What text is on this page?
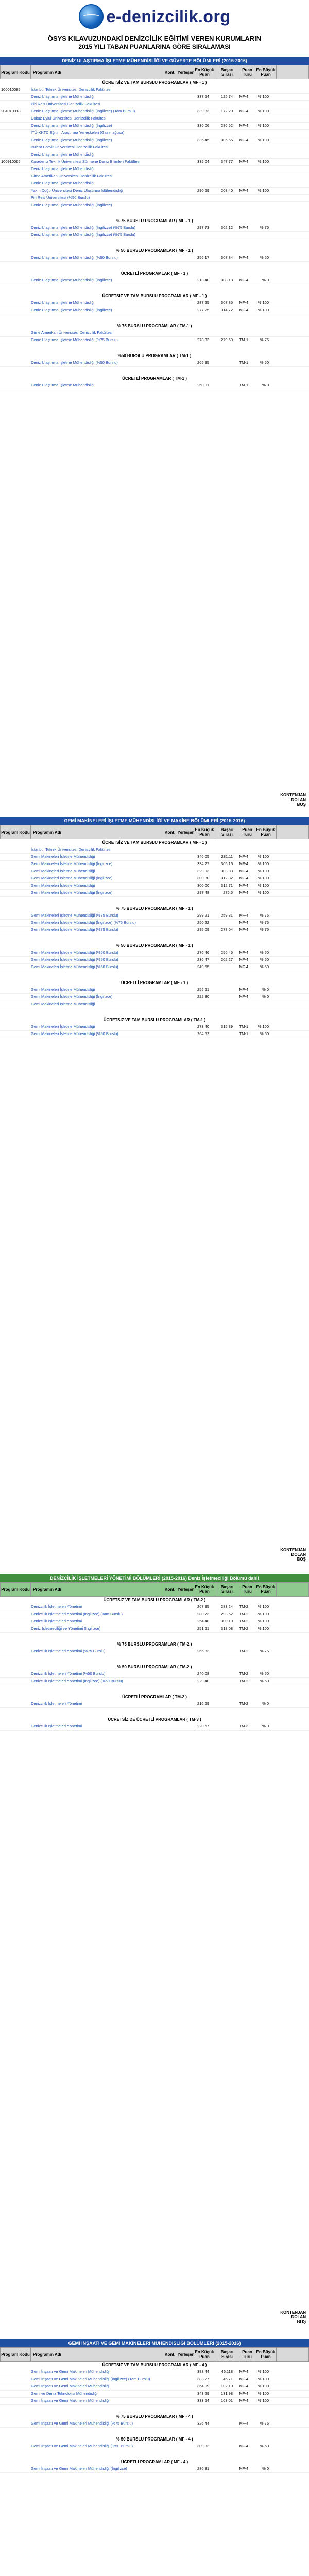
e-denizcilik.org
ÖSYS KILAVUZUNDAKİ DENİZCİLİK EĞİTİMİ VEREN KURUMLARIN
2015 YILI TABAN PUANLARINA GÖRE SIRALAMASI
DENİZ ULAŞTIRMA İŞLETME MÜHENDİSLİĞİ VE GÜVERTE BÖLÜMLERİ (2015-2016)
Program Kodu Programın Adı	Kont. Yerleşen En Küçük Puan
Başarı Sırası
Puan Türü
En Büyük Puan
ÜCRETSİZ VE TAM BURSLU PROGRAMLAR ( MF - 1 )
100010085	İstanbul Teknik Üniversitesi Denizcilik Fakültesi
Deniz Ulaştırma İşletme Mühendisliği	337,54	125.74	MF-4	% 100
Piri Reis Üniversitesi Denizcilik Fakültesi
204010018	Deniz Ulaştırma İşletme Mühendisliği (İngilizce) (Tam Burslu)	339,83	172.20	MF-4	% 100
Dokuz Eylül Üniversitesi Denizcilik Fakültesi
Deniz Ulaştırma İşletme Mühendisliği (İngilizce)	336,06	286.62	MF-4	% 100
İTÜ-KKTC Eğitim Araştırma Yerleşkeleri (Gazimağusa)
Deniz Ulaştırma İşletme Mühendisliği (İngilizce)	336,45	306.65	MF-4	% 100
Bülent Ecevit Üniversitesi Denizcilik Fakültesi
Deniz Ulaştırma İşletme Mühendisliği
100910065	Karadeniz Teknik Üniversitesi Sürmene Deniz Bilimleri Fakültesi	335,04	347.77	MF-4	% 100
Deniz Ulaştırma İşletme Mühendisliği
Girne Amerikan Üniversitesi Denizcilik Fakültesi
Deniz Ulaştırma İşletme Mühendisliği
Yakın Doğu Üniversitesi Deniz Ulaştırma Mühendisliği	290,69	208.40	MF-4	% 100
Piri Reis Üniversitesi (%50 Burslu)
Deniz Ulaştırma İşletme Mühendisliği (İngilizce)
% 75 BURSLU PROGRAMLAR ( MF - 1 )
Deniz Ulaştırma İşletme Mühendisliği (İngilizce) (%75 Burslu)	297,73	302.12	MF-4	% 75
Deniz Ulaştırma İşletme Mühendisliği (İngilizce) (%75 Burslu)
% 50 BURSLU PROGRAMLAR ( MF - 1 )
Deniz Ulaştırma İşletme Mühendisliği (%50 Burslu)	256,17	307.84	MF-4	% 50
ÜCRETLİ PROGRAMLAR ( MF - 1 )
Deniz Ulaştırma İşletme Mühendisliği (İngilizce)	213,40	308.18	MF-4	% 0
ÜCRETSİZ VE TAM BURSLU PROGRAMLAR ( MF - 1 )
Deniz Ulaştırma İşletme Mühendisliği	287,25	307.85	MF-4	% 100
Deniz Ulaştırma İşletme Mühendisliği (İngilizce)	277,25	314.72	MF-4	% 100
% 75 BURSLU PROGRAMLAR ( TM-1 )
Girne Amerikan Üniversitesi Denizcilik Fakültesi
Deniz Ulaştırma İşletme Mühendisliği (%75 Burslu)	278,33	279.69	TM-1	% 75
%50 BURSLU PROGRAMLAR ( TM-1 )
Deniz Ulaştırma İşletme Mühendisliği (%50 Burslu)	265,95	TM-1	% 50
ÜCRETLİ PROGRAMLAR ( TM-1 )
Deniz Ulaştırma İşletme Mühendisliği	250,01	TM-1	% 0
KONTENJAN
DOLAN
BOŞ
GEMİ MAKİNELERİ İŞLETME MÜHENDİSLİĞİ VE MAKİNE BÖLÜMLERİ (2015-2016)
Program Kodu Programın Adı	Kont. Yerleşen En Küçük Puan
Başarı Sırası
Puan Türü
En Büyük Puan
ÜCRETSİZ VE TAM BURSLU PROGRAMLAR ( MF - 1 )
İstanbul Teknik Üniversitesi Denizcilik Fakültesi
Gemi Makineleri İşletme Mühendisliği	346,05	281.11	MF-4	% 100
Gemi Makineleri İşletme Mühendisliği (İngilizce)	334,27	305.16	MF-4	% 100
Gemi Makineleri İşletme Mühendisliği	329,93	303.83	MF-4	% 100
Gemi Makineleri İşletme Mühendisliği (İngilizce)	300,80	312.82	MF-4	% 100
Gemi Makineleri İşletme Mühendisliği	300,00	312.71	MF-4	% 100
Gemi Makineleri İşletme Mühendisliği (İngilizce)	297,48	276.5	MF-4	% 100
% 75 BURSLU PROGRAMLAR ( MF - 1 )
Gemi Makineleri İşletme Mühendisliği (%75 Burslu)	299,21	259.31	MF-4	% 75
Gemi Makineleri İşletme Mühendisliği (İngilizce) (%75 Burslu)	250,22	MF-4	% 75
Gemi Makineleri İşletme Mühendisliği (%75 Burslu)	295,09	278.04	MF-4	% 75
% 50 BURSLU PROGRAMLAR ( MF - 1 )
Gemi Makineleri İşletme Mühendisliği (%50 Burslu)	276,46	256.45	MF-4	% 50
Gemi Makineleri İşletme Mühendisliği (%50 Burslu)	236,47	202.27	MF-4	% 50
Gemi Makineleri İşletme Mühendisliği (%50 Burslu)	249,55	MF-4	% 50
ÜCRETLİ PROGRAMLAR ( MF - 1 )
Gemi Makineleri İşletme Mühendisliği	255,61	MF-4	% 0
Gemi Makineleri İşletme Mühendisliği (İngilizce)	222,80	MF-4	% 0
Gemi Makineleri İşletme Mühendisliği
ÜCRETSİZ VE TAM BURSLU PROGRAMLAR ( TM-1 )
Gemi Makineleri İşletme Mühendisliği	273,40	315.39	TM-1	% 100
Gemi Makineleri İşletme Mühendisliği (%50 Burslu)	264,52	TM-1	% 50
KONTENJAN
DOLAN
BOŞ
DENİZCİLİK İŞLETMELERİ YÖNETİMİ BÖLÜMLERİ (2015-2016) Deniz İşletmeciliği Bölümü dahil
Program Kodu Programın Adı	Kont. Yerleşen En Küçük Puan
Başarı Sırası
Puan Türü
En Büyük Puan
ÜCRETSİZ VE TAM BURSLU PROGRAMLAR ( TM-2 )
Denizcilik İşletmeleri Yönetimi	267,95	283.24	TM-2	% 100
Denizcilik İşletmeleri Yönetimi (İngilizce) (Tam Burslu)	280,73	293.52	TM-2	% 100
Denizcilik İşletmeleri Yönetimi	254,40	300.10	TM-2	% 100
Deniz İşletmeciliği ve Yönetimi (İngilizce)	251,61	318.08	TM-2	% 100
% 75 BURSLU PROGRAMLAR ( TM-2 )
Denizcilik İşletmeleri Yönetimi (%75 Burslu)	266,33	TM-2	% 75
% 50 BURSLU PROGRAMLAR ( TM-2 )
Denizcilik İşletmeleri Yönetimi (%50 Burslu)	240,08	TM-2	% 50
Denizcilik İşletmeleri Yönetimi (İngilizce) (%50 Burslu)	229,40	TM-2	% 50
ÜCRETLİ PROGRAMLAR ( TM-2 )
Denizcilik İşletmeleri Yönetimi	216,69	TM-2	% 0
ÜCRETSİZ DE ÜCRETLİ PROGRAMLAR ( TM-3 )
Denizcilik İşletmeleri Yönetimi	220,57	TM-3	% 0
KONTENJAN
DOLAN
BOŞ
GEMİ İNŞAATI VE GEMİ MAKİNELERİ MÜHENDİSLİĞİ BÖLÜMLERİ (2015-2016)
Program Kodu Programın Adı	Kont. Yerleşen En Küçük Puan
Başarı Sırası
Puan Türü
En Büyük Puan
ÜCRETSİZ VE TAM BURSLU PROGRAMLAR ( MF - 4 )
Gemi İnşaatı ve Gemi Makineleri Mühendisliği	383,44	46.118	MF-4	% 100
Gemi İnşaatı ve Gemi Makineleri Mühendisliği (İngilizce) (Tam Burslu)	383,27	45.71	MF-4	% 100
Gemi İnşaatı ve Gemi Makineleri Mühendisliği	364,09	102.10	MF-4	% 100
Gemi ve Deniz Teknolojisi Mühendisliği	343,29	131.98	MF-4	% 100
Gemi İnşaatı ve Gemi Makineleri Mühendisliği	333,54	163.01	MF-4	% 100
% 75 BURSLU PROGRAMLAR ( MF - 4 )
Gemi İnşaatı ve Gemi Makineleri Mühendisliği (%75 Burslu)	326,44	MF-4	% 75
% 50 BURSLU PROGRAMLAR ( MF - 4 )
Gemi İnşaatı ve Gemi Makineleri Mühendisliği (%50 Burslu)	309,33	MF-4	% 50
ÜCRETLİ PROGRAMLAR ( MF - 4 )
Gemi İnşaatı ve Gemi Makineleri Mühendisliği (İngilizce)	286,81	MF-4	% 0
